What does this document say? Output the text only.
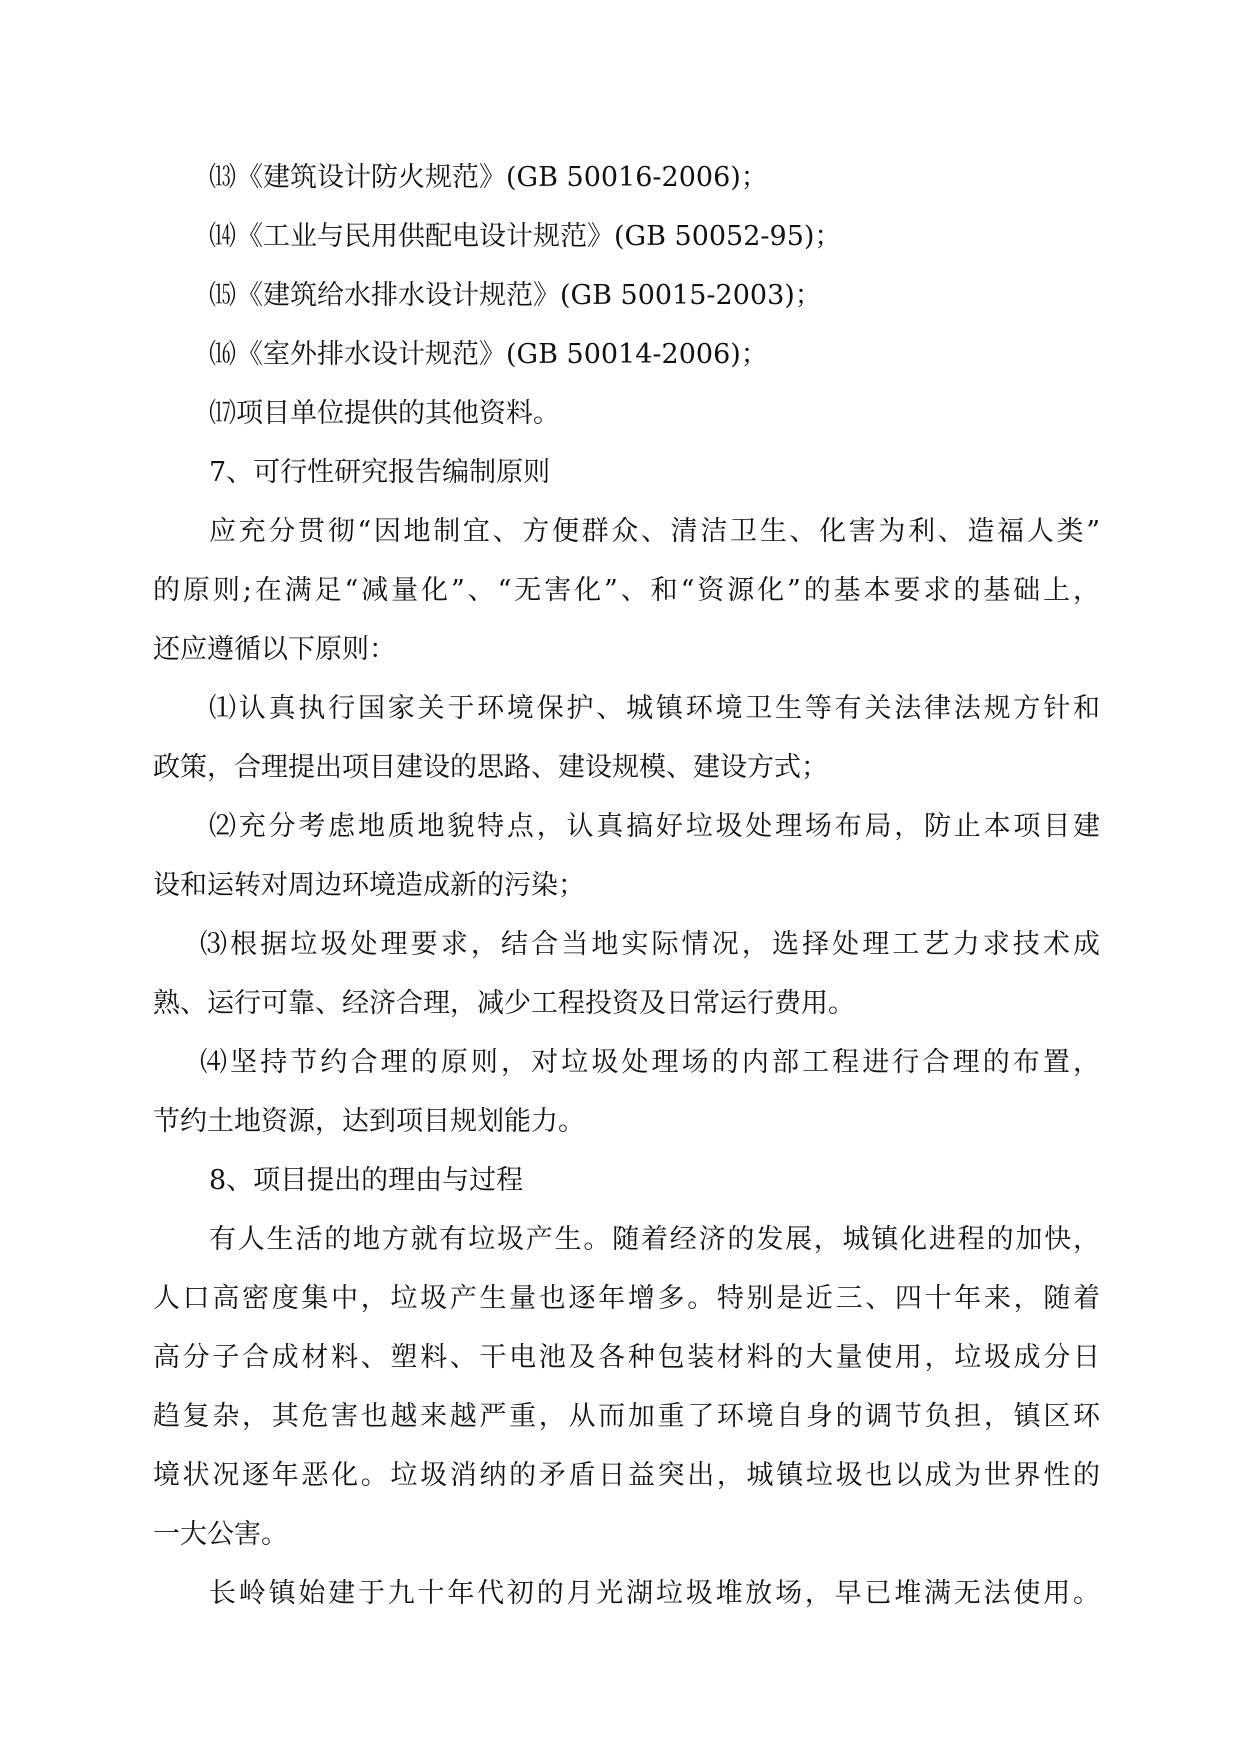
⒀《建筑设计防火规范》(GB 50016-2006)；
⒁《工业与民用供配电设计规范》(GB 50052-95)；
⒂《建筑给水排水设计规范》(GB 50015-2003)；
⒃《室外排水设计规范》(GB 50014-2006)；
⒄项目单位提供的其他资料。
7、可行性研究报告编制原则
应充分贯彻“因地制宜、方便群众、清洁卫生、化害为利、造福人类”
的原则;在满足“减量化”、“无害化”、和“资源化”的基本要求的基础上，
还应遵循以下原则：
⑴认真执行国家关于环境保护、城镇环境卫生等有关法律法规方针和
政策，合理提出项目建设的思路、建设规模、建设方式；
⑵充分考虑地质地貌特点，认真搞好垃圾处理场布局，防止本项目建
设和运转对周边环境造成新的污染；
⑶根据垃圾处理要求，结合当地实际情况，选择处理工艺力求技术成
熟、运行可靠、经济合理，减少工程投资及日常运行费用。
⑷坚持节约合理的原则，对垃圾处理场的内部工程进行合理的布置，
节约土地资源，达到项目规划能力。
8、项目提出的理由与过程
有人生活的地方就有垃圾产生。随着经济的发展，城镇化进程的加快，
人口高密度集中，垃圾产生量也逐年增多。特别是近三、四十年来，随着
高分子合成材料、塑料、干电池及各种包装材料的大量使用，垃圾成分日
趋复杂，其危害也越来越严重，从而加重了环境自身的调节负担，镇区环
境状况逐年恶化。垃圾消纳的矛盾日益突出，城镇垃圾也以成为世界性的
一大公害。
长岭镇始建于九十年代初的月光湖垃圾堆放场，早已堆满无法使用。
